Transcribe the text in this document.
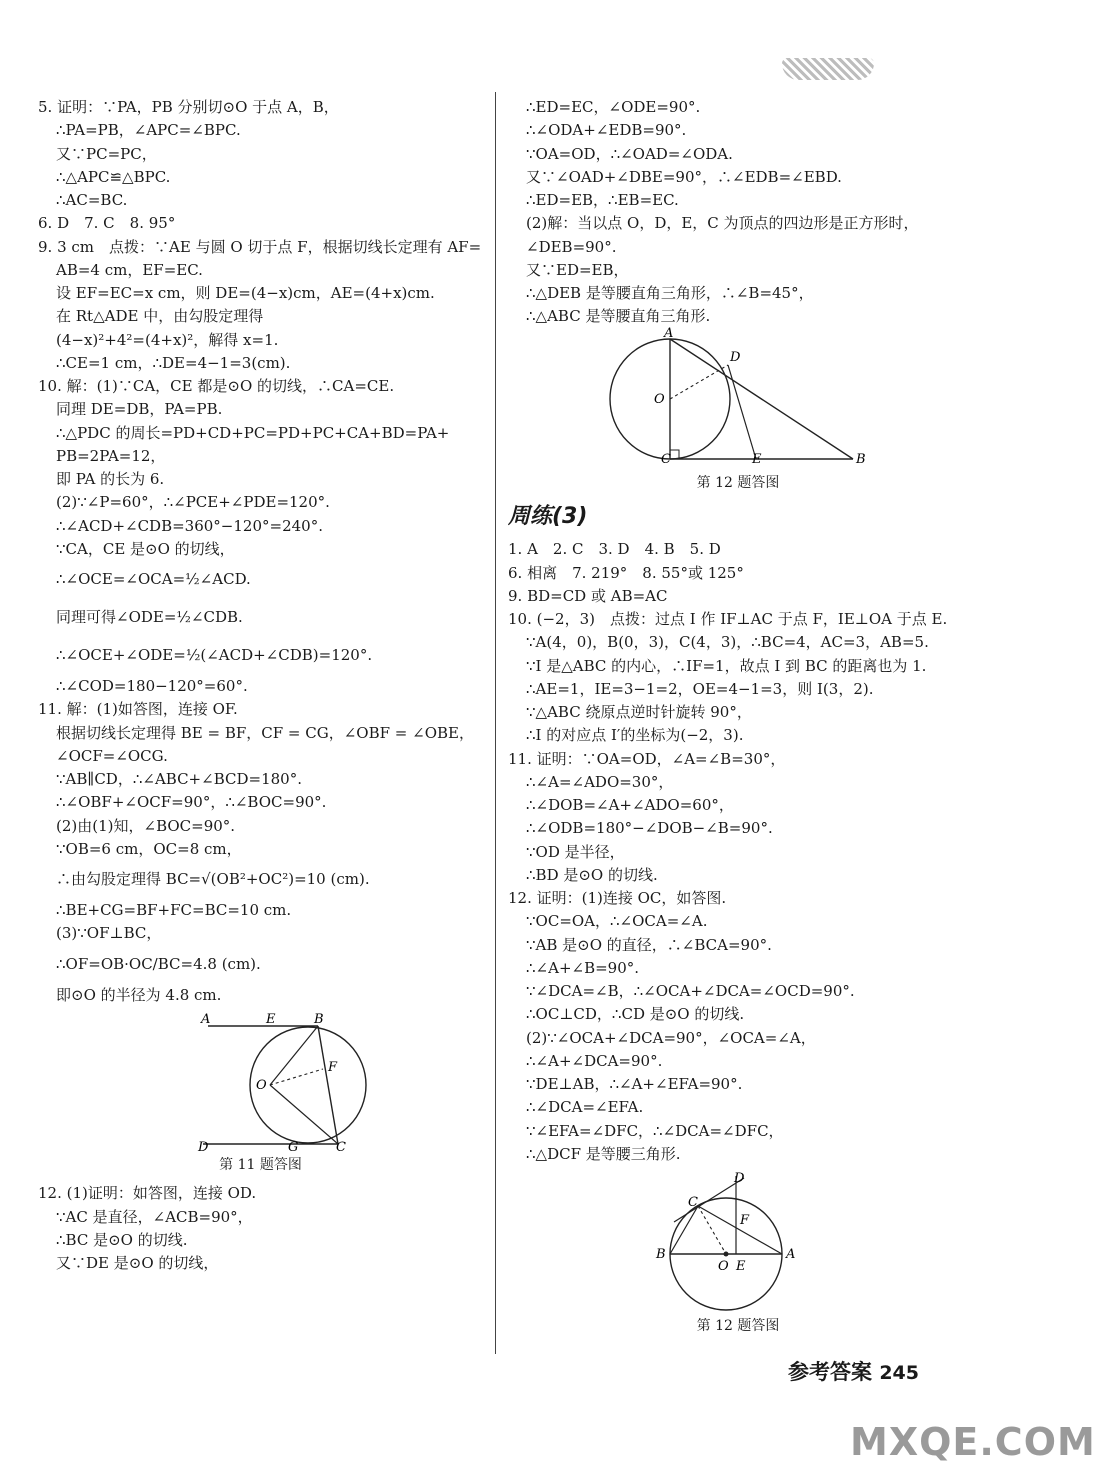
5. 证明：∵PA，PB 分别切⊙O 于点 A，B，
∴PA=PB，∠APC=∠BPC.
又∵PC=PC，
∴△APC≌△BPC.
∴AC=BC.
6. D　7. C　8. 95°
9. 3 cm　点拨：∵AE 与圆 O 切于点 F，根据切线长定理有 AF=
AB=4 cm，EF=EC.
设 EF=EC=x cm，则 DE=(4−x)cm，AE=(4+x)cm.
在 Rt△ADE 中，由勾股定理得
(4−x)²+4²=(4+x)²，解得 x=1.
∴CE=1 cm，∴DE=4−1=3(cm).
10. 解：(1)∵CA，CE 都是⊙O 的切线，∴CA=CE.
同理 DE=DB，PA=PB.
∴△PDC 的周长=PD+CD+PC=PD+PC+CA+BD=PA+
PB=2PA=12，
即 PA 的长为 6.
(2)∵∠P=60°，∴∠PCE+∠PDE=120°.
∴∠ACD+∠CDB=360°−120°=240°.
∵CA，CE 是⊙O 的切线，
∴∠OCE=∠OCA=½∠ACD.
同理可得∠ODE=½∠CDB.
∴∠OCE+∠ODE=½(∠ACD+∠CDB)=120°.
∴∠COD=180−120°=60°.
11. 解：(1)如答图，连接 OF.
根据切线长定理得 BE = BF，CF = CG，∠OBF = ∠OBE，
∠OCF=∠OCG.
∵AB∥CD，∴∠ABC+∠BCD=180°.
∴∠OBF+∠OCF=90°，∴∠BOC=90°.
(2)由(1)知，∠BOC=90°.
∵OB=6 cm，OC=8 cm，
∴由勾股定理得 BC=√(OB²+OC²)=10 (cm).
∴BE+CG=BF+FC=BC=10 cm.
(3)∵OF⊥BC，
∴OF=OB·OC/BC=4.8 (cm).
即⊙O 的半径为 4.8 cm.
A	E	B
F
O
D	G	C
第 11 题答图
12. (1)证明：如答图，连接 OD.
∵AC 是直径，∠ACB=90°，
∴BC 是⊙O 的切线.
又∵DE 是⊙O 的切线，
∴ED=EC，∠ODE=90°.
∴∠ODA+∠EDB=90°.
∵OA=OD，∴∠OAD=∠ODA.
又∵∠OAD+∠DBE=90°，∴∠EDB=∠EBD.
∴ED=EB，∴EB=EC.
(2)解：当以点 O，D，E，C 为顶点的四边形是正方形时，
∠DEB=90°.
又∵ED=EB，
∴△DEB 是等腰直角三角形，∴∠B=45°，
∴△ABC 是等腰直角三角形.
A
D
O
C	E	B
第 12 题答图
周练(3)
1. A　2. C　3. D　4. B　5. D
6. 相离　7. 219°　8. 55°或 125°
9. BD=CD 或 AB=AC
10. (−2，3)　点拨：过点 I 作 IF⊥AC 于点 F，IE⊥OA 于点 E.
∵A(4，0)，B(0，3)，C(4，3)，∴BC=4，AC=3，AB=5.
∵I 是△ABC 的内心，∴IF=1，故点 I 到 BC 的距离也为 1.
∴AE=1，IE=3−1=2，OE=4−1=3，则 I(3，2).
∵△ABC 绕原点逆时针旋转 90°，
∴I 的对应点 I′的坐标为(−2，3).
11. 证明：∵OA=OD，∠A=∠B=30°，
∴∠A=∠ADO=30°，
∴∠DOB=∠A+∠ADO=60°，
∴∠ODB=180°−∠DOB−∠B=90°.
∵OD 是半径，
∴BD 是⊙O 的切线.
12. 证明：(1)连接 OC，如答图.
∵OC=OA，∴∠OCA=∠A.
∵AB 是⊙O 的直径，∴∠BCA=90°.
∴∠A+∠B=90°.
∵∠DCA=∠B，∴∠OCA+∠DCA=∠OCD=90°.
∴OC⊥CD，∴CD 是⊙O 的切线.
(2)∵∠OCA+∠DCA=90°，∠OCA=∠A，
∴∠A+∠DCA=90°.
∵DE⊥AB，∴∠A+∠EFA=90°.
∴∠DCA=∠EFA.
∵∠EFA=∠DFC，∴∠DCA=∠DFC，
∴△DCF 是等腰三角形.
D
C
F
B
O E
A
第 12 题答图
参考答案 245
MXQE.COM
